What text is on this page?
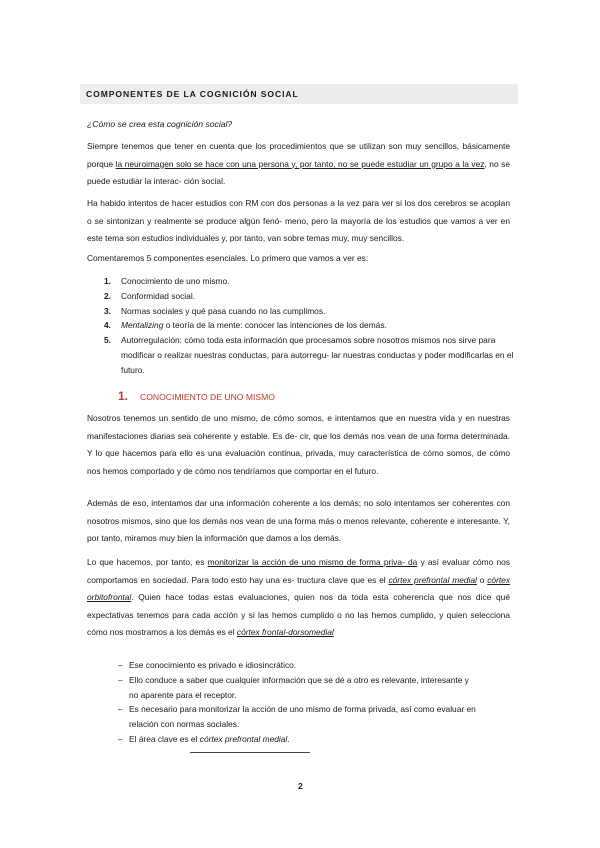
COMPONENTES DE LA COGNICIÓN SOCIAL
¿Cómo se crea esta cognición social?

Siempre tenemos que tener en cuenta que los procedimientos que se utilizan son muy sencillos, básicamente porque la neuroimagen solo se hace con una persona y, por tanto, no se puede estudiar un grupo a la vez, no se puede estudiar la interac- ción social.

Ha habido intentos de hacer estudios con RM con dos personas a la vez para ver si los dos cerebros se acoplan o se sintonizan y realmente se produce algún fenó- meno, pero la mayoría de los estudios que vamos a ver en este tema son estudios individuales y, por tanto, van sobre temas muy, muy sencillos.

Comentaremos 5 componentes esenciales. Lo primero que vamos a ver es:

1. Conocimiento de uno mismo.
2. Conformidad social.
3. Normas sociales y qué pasa cuando no las cumplimos.
4. Mentalizing o teoría de la mente: conocer las intenciones de los demás.
5. Autorregulación: cómo toda esta información que procesamos sobre nosotros mismos nos sirve para modificar o realizar nuestras conductas, para autorregu- lar nuestras conductas y poder modificarlas en el futuro.
1. CONOCIMIENTO DE UNO MISMO

Nosotros tenemos un sentido de uno mismo, de cómo somos, e intentamos que en nuestra vida y en nuestras manifestaciones diarias sea coherente y estable. Es de- cir, que los demás nos vean de una forma determinada. Y lo que hacemos para ello es una evaluación continua, privada, muy característica de cómo somos, de cómo nos hemos comportado y de cómo nos tendríamos que comportar en el futuro.

Además de eso, intentamos dar una información coherente a los demás; no solo intentamos ser coherentes con nosotros mismos, sino que los demás nos vean de una forma más o menos relevante, coherente e interesante. Y, por tanto, miramos muy bien la información que damos a los demás.

Lo que hacemos, por tanto, es monitorizar la acción de uno mismo de forma priva- da y así evaluar cómo nos comportamos en sociedad. Para todo esto hay una es- tructura clave que es el córtex prefrontal medial o córtex orbitofrontal. Quien hace todas estas evaluaciones, quien nos da toda esta coherencia que nos dice qué expectativas tenemos para cada acción y si las hemos cumplido o no las hemos cumplido, y quien selecciona cómo nos mostramos a los demás es el córtex frontal-dorsomedial

– Ese conocimiento es privado e idiosincrático.
– Ello conduce a saber que cualquier información que se dé a otro es relevante, interesante y no aparente para el receptor.
– Es necesario para monitorizar la acción de uno mismo de forma privada, así como evaluar en relación con normas sociales.
– El área clave es el córtex prefrontal medial.
2
